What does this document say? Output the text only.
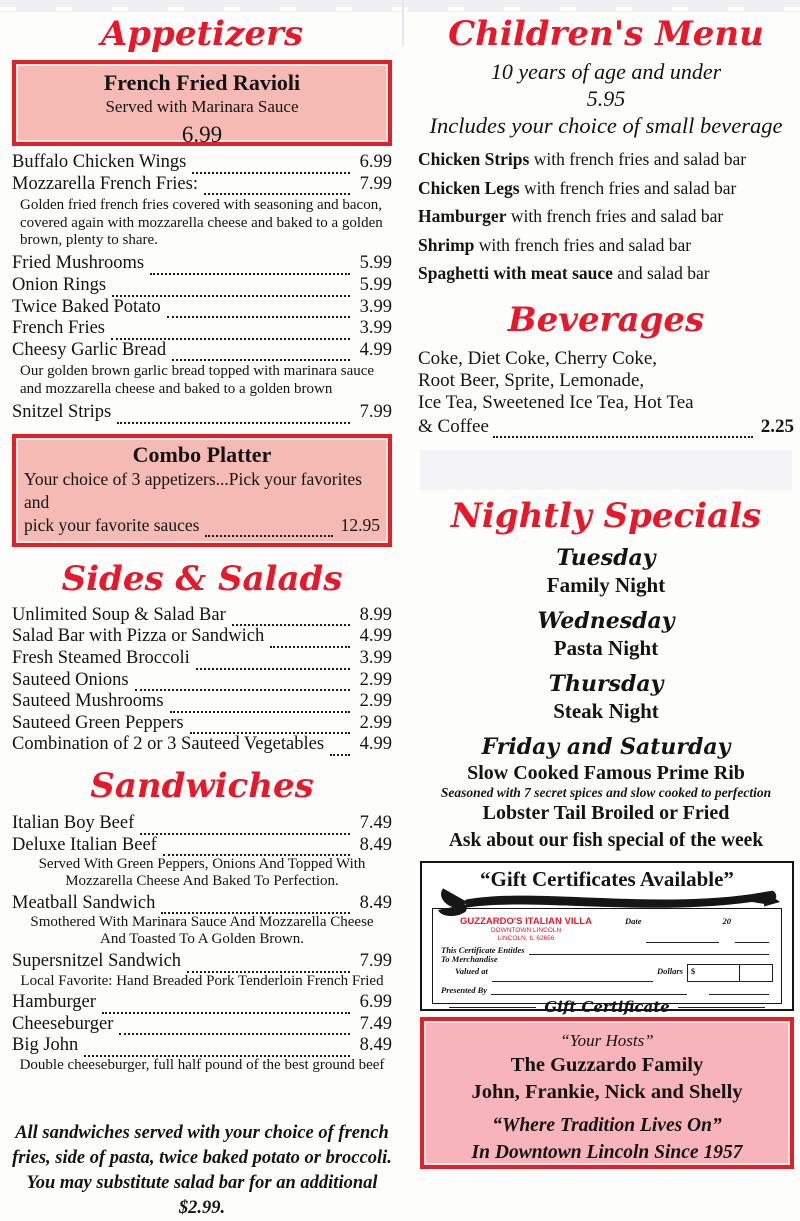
Appetizers
French Fried Ravioli
Served with Marinara Sauce
6.99
Buffalo Chicken Wings	6.99
Mozzarella French Fries:	7.99
Golden fried french fries covered with seasoning and bacon, covered again with mozzarella cheese and baked to a golden brown, plenty to share.
Fried Mushrooms	5.99
Onion Rings	5.99
Twice Baked Potato	3.99
French Fries	3.99
Cheesy Garlic Bread	4.99
Our golden brown garlic bread topped with marinara sauce and mozzarella cheese and baked to a golden brown
Snitzel Strips	7.99
Combo Platter
Your choice of 3 appetizers...Pick your favorites and
pick your favorite sauces	12.95
Sides & Salads
Unlimited Soup & Salad Bar	8.99
Salad Bar with Pizza or Sandwich	4.99
Fresh Steamed Broccoli	3.99
Sauteed Onions	2.99
Sauteed Mushrooms	2.99
Sauteed Green Peppers	2.99
Combination of 2 or 3 Sauteed Vegetables 4.99
Sandwiches
Italian Boy Beef	7.49
Deluxe Italian Beef	8.49
Served With Green Peppers, Onions And Topped With Mozzarella Cheese And Baked To Perfection.
Meatball Sandwich	8.49
Smothered With Marinara Sauce And Mozzarella Cheese And Toasted To A Golden Brown.
Supersnitzel Sandwich	7.99
Local Favorite: Hand Breaded Pork Tenderloin French Fried
Hamburger	6.99
Cheeseburger	7.49
Big John	8.49
Double cheeseburger, full half pound of the best ground beef
All sandwiches served with your choice of french fries, side of pasta, twice baked potato or broccoli. You may substitute salad bar for an additional $2.99.
Children's Menu
10 years of age and under
5.95
Includes your choice of small beverage
Chicken Strips with french fries and salad bar
Chicken Legs with french fries and salad bar
Hamburger with french fries and salad bar
Shrimp with french fries and salad bar
Spaghetti with meat sauce and salad bar
Beverages
Coke, Diet Coke, Cherry Coke,
Root Beer, Sprite, Lemonade,
Ice Tea, Sweetened Ice Tea, Hot Tea
& Coffee	2.25
Nightly Specials
Tuesday
Family Night
Wednesday
Pasta Night
Thursday
Steak Night
Friday and Saturday
Slow Cooked Famous Prime Rib
Seasoned with 7 secret spices and slow cooked to perfection
Lobster Tail Broiled or Fried
Ask about our fish special of the week
“Gift Certificates Available”
GUZZARDO'S ITALIAN VILLA
DOWNTOWN LINCOLN
LINCOLN, IL 62656
Date	20
This Certificate Entitles
To Merchandise
Valued at	Dollars	$
Presented By
Gift Certificate
“Your Hosts”
The Guzzardo Family
John, Frankie, Nick and Shelly
“Where Tradition Lives On”
In Downtown Lincoln Since 1957
